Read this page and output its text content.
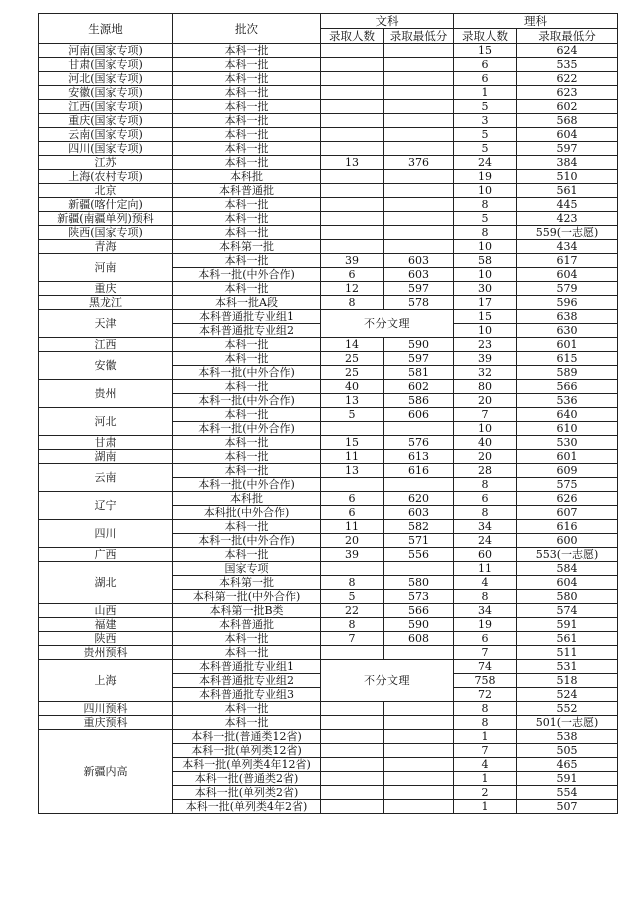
生源地	批次	文科		理科	
		录取人数	录取最低分	录取人数	录取最低分
河南(国家专项)	本科一批			15	624
甘肃(国家专项)	本科一批			6	535
河北(国家专项)	本科一批			6	622
安徽(国家专项)	本科一批			1	623
江西(国家专项)	本科一批			5	602
重庆(国家专项)	本科一批			3	568
云南(国家专项)	本科一批			5	604
四川(国家专项)	本科一批			5	597
江苏	本科一批	13	376	24	384
上海(农村专项)	本科批			19	510
北京	本科普通批			10	561
新疆(喀什定向)	本科一批			8	445
新疆(南疆单列)预科	本科一批			5	423
陕西(国家专项)	本科一批			8	559(一志愿)
青海	本科第一批			10	434
河南	本科一批	39	603	58	617
	本科一批(中外合作)	6	603	10	604
重庆	本科一批	12	597	30	579
黑龙江	本科一批A段	8	578	17	596
天津	本科普通批专业组1	不分文理		15	638
	本科普通批专业组2			10	630
江西	本科一批	14	590	23	601
安徽	本科一批	25	597	39	615
	本科一批(中外合作)	25	581	32	589
贵州	本科一批	40	602	80	566
	本科一批(中外合作)	13	586	20	536
河北	本科一批	5	606	7	640
	本科一批(中外合作)			10	610
甘肃	本科一批	15	576	40	530
湖南	本科一批	11	613	20	601
云南	本科一批	13	616	28	609
	本科一批(中外合作)			8	575
辽宁	本科批	6	620	6	626
	本科批(中外合作)	6	603	8	607
四川	本科一批	11	582	34	616
	本科一批(中外合作)	20	571	24	600
广西	本科一批	39	556	60	553(一志愿)
湖北	国家专项			11	584
	本科第一批	8	580	4	604
	本科第一批(中外合作)	5	573	8	580
山西	本科第一批B类	22	566	34	574
福建	本科普通批	8	590	19	591
陕西	本科一批	7	608	6	561
贵州预科	本科一批			7	511
上海	本科普通批专业组1	不分文理		74	531
	本科普通批专业组2			758	518
	本科普通批专业组3			72	524
四川预科	本科一批			8	552
重庆预科	本科一批			8	501(一志愿)
新疆内高	本科一批(普通类12省)			1	538
	本科一批(单列类12省)			7	505
	本科一批(单列类4年12省)			4	465
	本科一批(普通类2省)			1	591
	本科一批(单列类2省)			2	554
	本科一批(单列类4年2省)			1	507
